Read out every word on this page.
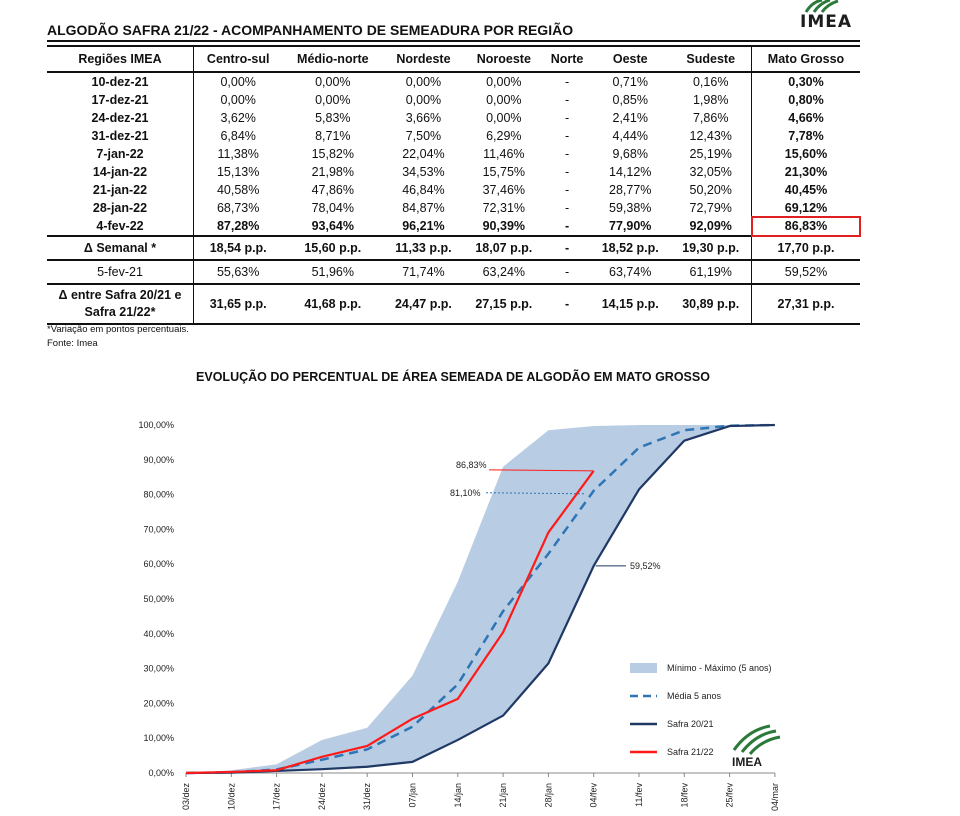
IMEA
ALGODÃO SAFRA 21/22 - ACOMPANHAMENTO DE SEMEADURA POR REGIÃO
Regiões IMEA	Centro-sul	Médio-norte	Nordeste	Noroeste	Norte	Oeste	Sudeste	Mato Grosso
10-dez-21	0,00%	0,00%	0,00%	0,00%	-	0,71%	0,16%	0,30%
17-dez-21	0,00%	0,00%	0,00%	0,00%	-	0,85%	1,98%	0,80%
24-dez-21	3,62%	5,83%	3,66%	0,00%	-	2,41%	7,86%	4,66%
31-dez-21	6,84%	8,71%	7,50%	6,29%	-	4,44%	12,43%	7,78%
7-jan-22	11,38%	15,82%	22,04%	11,46%	-	9,68%	25,19%	15,60%
14-jan-22	15,13%	21,98%	34,53%	15,75%	-	14,12%	32,05%	21,30%
21-jan-22	40,58%	47,86%	46,84%	37,46%	-	28,77%	50,20%	40,45%
28-jan-22	68,73%	78,04%	84,87%	72,31%	-	59,38%	72,79%	69,12%
4-fev-22	87,28%	93,64%	96,21%	90,39%	-	77,90%	92,09%	86,83%
Δ Semanal *	18,54 p.p.	15,60 p.p.	11,33 p.p.	18,07 p.p.	-	18,52 p.p.	19,30 p.p.	17,70 p.p.
5-fev-21	55,63%	51,96%	71,74%	63,24%	-	63,74%	61,19%	59,52%

Δ entre Safra 20/21 e
Safra 21/22*	31,65 p.p.	41,68 p.p.	24,47 p.p.	27,15 p.p.	-	14,15 p.p.	30,89 p.p.	27,31 p.p.
*Variação em pontos percentuais.
Fonte: Imea
EVOLUÇÃO DO PERCENTUAL DE ÁREA SEMEADA DE ALGODÃO EM MATO GROSSO
0,00%
10,00%
20,00%
30,00%
40,00%
50,00%
60,00%
70,00%
80,00%
90,00%
100,00%
03/dez	10/dez	17/dez	24/dez	31/dez	07/jan	14/jan	21/jan	28/jan	04/fev	11/fev	18/fev	25/fev	04/mar
86,83%
81,10%
59,52%
Mínimo - Máximo (5 anos)
Média 5 anos
Safra 20/21
Safra 21/22
IMEA
